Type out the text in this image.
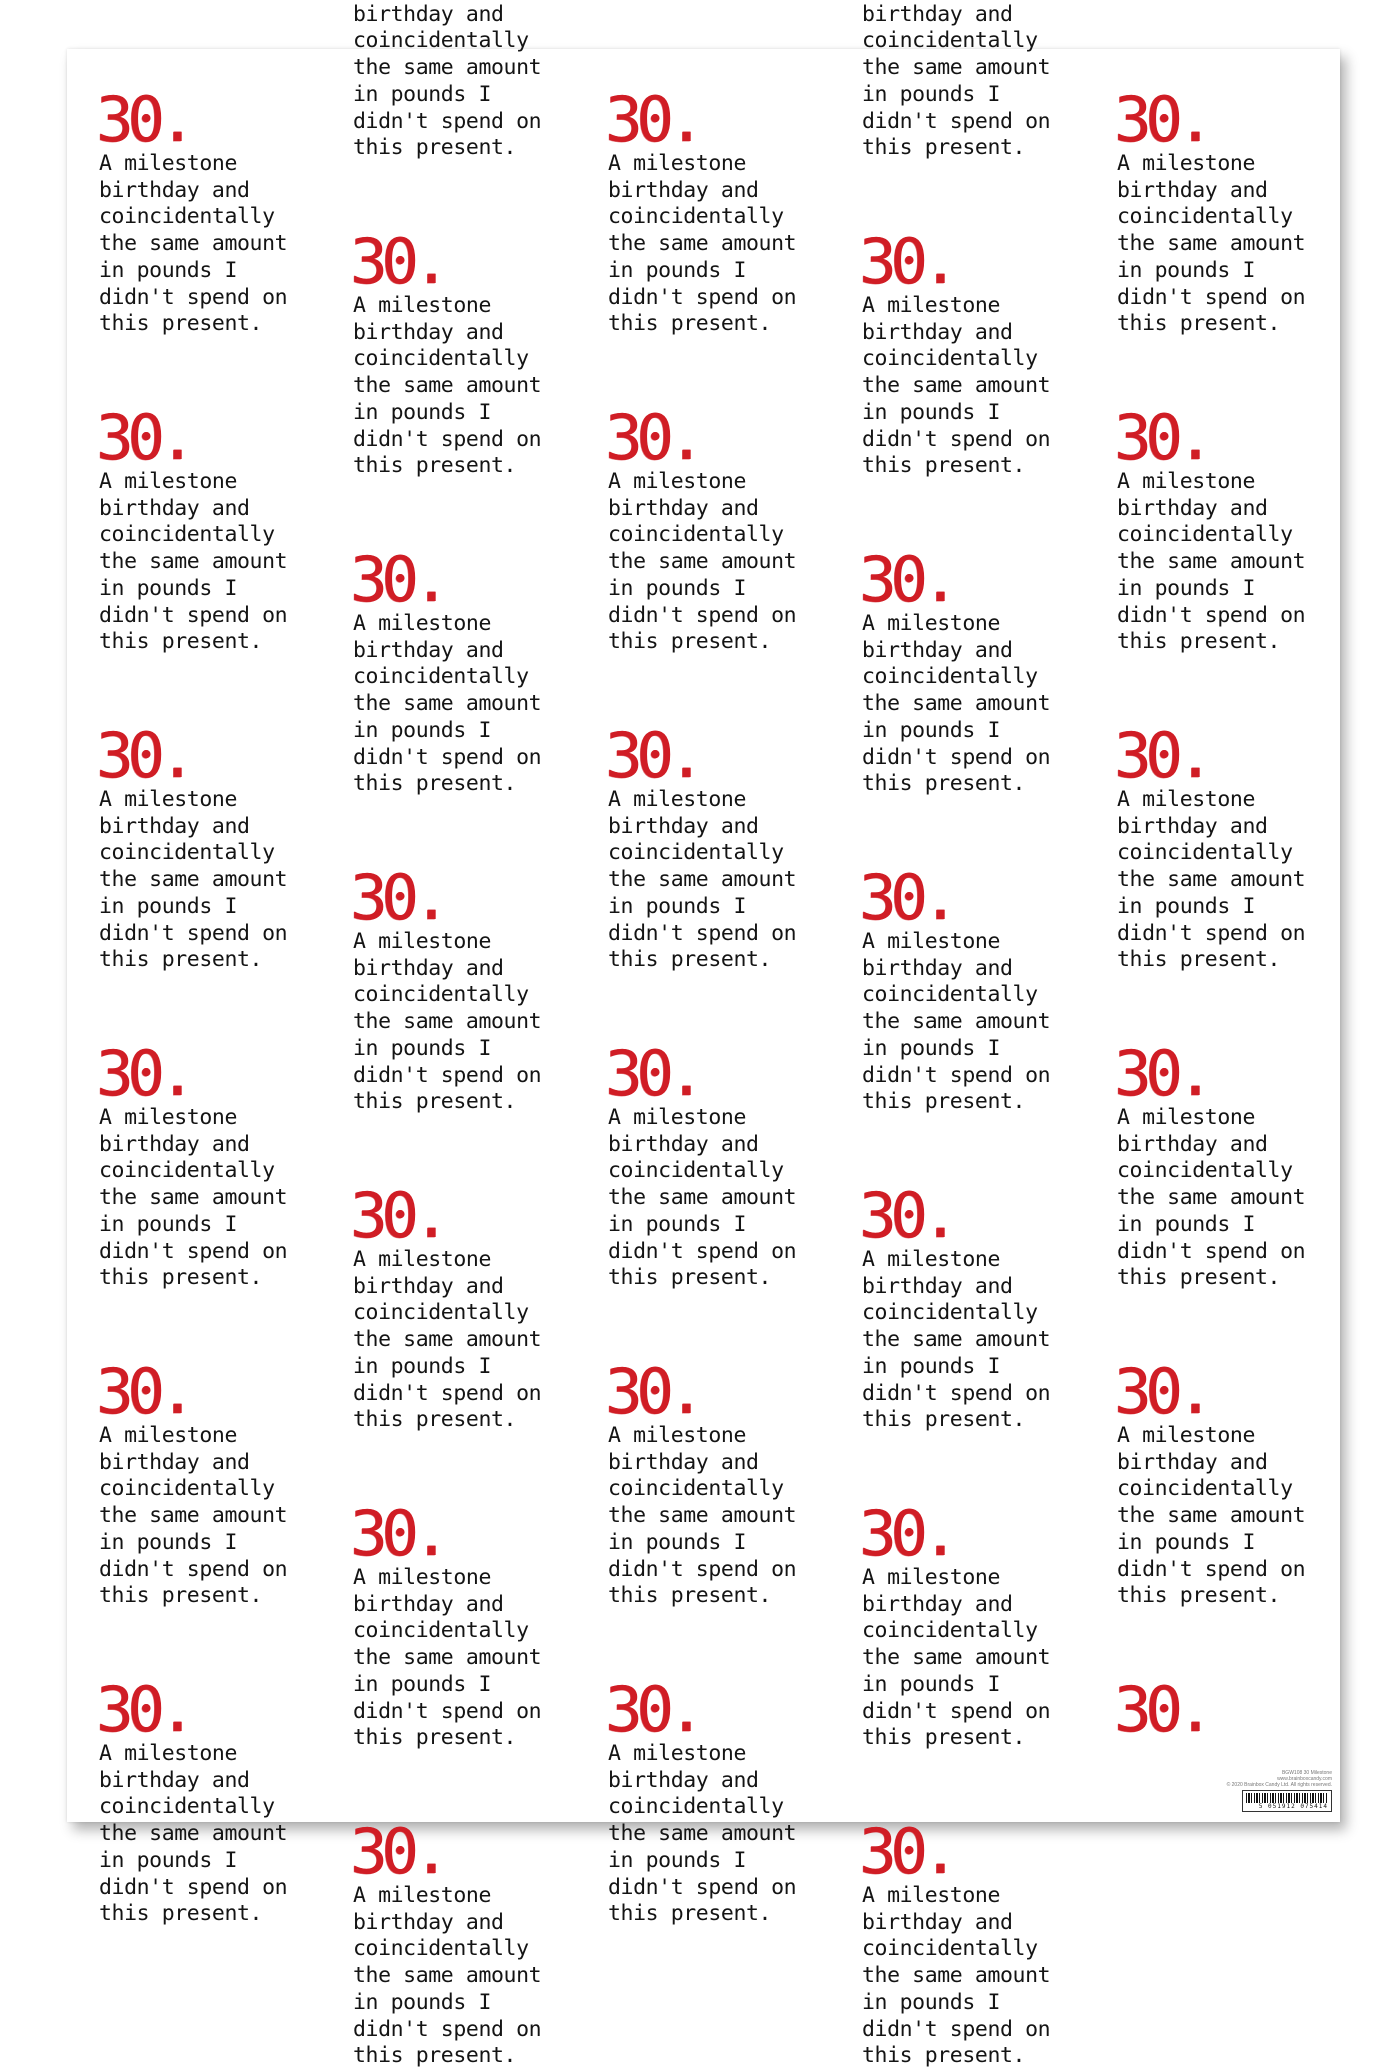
30.
A milestone
birthday and
coincidentally
the same amount
in pounds I
didn't spend on
this present.
30.
A milestone
birthday and
coincidentally
the same amount
in pounds I
didn't spend on
this present.
30.
A milestone
birthday and
coincidentally
the same amount
in pounds I
didn't spend on
this present.
30.
A milestone
birthday and
coincidentally
the same amount
in pounds I
didn't spend on
this present.
30.
A milestone
birthday and
coincidentally
the same amount
in pounds I
didn't spend on
this present.
30.
A milestone
birthday and
coincidentally
the same amount
in pounds I
didn't spend on
this present.
birthday and
coincidentally
the same amount
in pounds I
didn't spend on
this present.
30.
A milestone
birthday and
coincidentally
the same amount
in pounds I
didn't spend on
this present.
30.
A milestone
birthday and
coincidentally
the same amount
in pounds I
didn't spend on
this present.
30.
A milestone
birthday and
coincidentally
the same amount
in pounds I
didn't spend on
this present.
30.
A milestone
birthday and
coincidentally
the same amount
in pounds I
didn't spend on
this present.
30.
A milestone
birthday and
coincidentally
the same amount
in pounds I
didn't spend on
this present.
30.
A milestone
birthday and
coincidentally
the same amount
in pounds I
didn't spend on
this present.
30.
A milestone
birthday and
coincidentally
the same amount
in pounds I
didn't spend on
this present.
30.
A milestone
birthday and
coincidentally
the same amount
in pounds I
didn't spend on
this present.
30.
A milestone
birthday and
coincidentally
the same amount
in pounds I
didn't spend on
this present.
30.
A milestone
birthday and
coincidentally
the same amount
in pounds I
didn't spend on
this present.
30.
A milestone
birthday and
coincidentally
the same amount
in pounds I
didn't spend on
this present.
30.
A milestone
birthday and
coincidentally
the same amount
in pounds I
didn't spend on
this present.
birthday and
coincidentally
the same amount
in pounds I
didn't spend on
this present.
30.
A milestone
birthday and
coincidentally
the same amount
in pounds I
didn't spend on
this present.
30.
A milestone
birthday and
coincidentally
the same amount
in pounds I
didn't spend on
this present.
30.
A milestone
birthday and
coincidentally
the same amount
in pounds I
didn't spend on
this present.
30.
A milestone
birthday and
coincidentally
the same amount
in pounds I
didn't spend on
this present.
30.
A milestone
birthday and
coincidentally
the same amount
in pounds I
didn't spend on
this present.
30.
A milestone
birthday and
coincidentally
the same amount
in pounds I
didn't spend on
this present.
30.
A milestone
birthday and
coincidentally
the same amount
in pounds I
didn't spend on
this present.
30.
A milestone
birthday and
coincidentally
the same amount
in pounds I
didn't spend on
this present.
30.
A milestone
birthday and
coincidentally
the same amount
in pounds I
didn't spend on
this present.
30.
A milestone
birthday and
coincidentally
the same amount
in pounds I
didn't spend on
this present.
30.
A milestone
birthday and
coincidentally
the same amount
in pounds I
didn't spend on
this present.
30.
BGW108 30 Milestone
www.brainboxcandy.com
© 2020 Brainbox Candy Ltd. All rights reserved.
5 051912 075414
